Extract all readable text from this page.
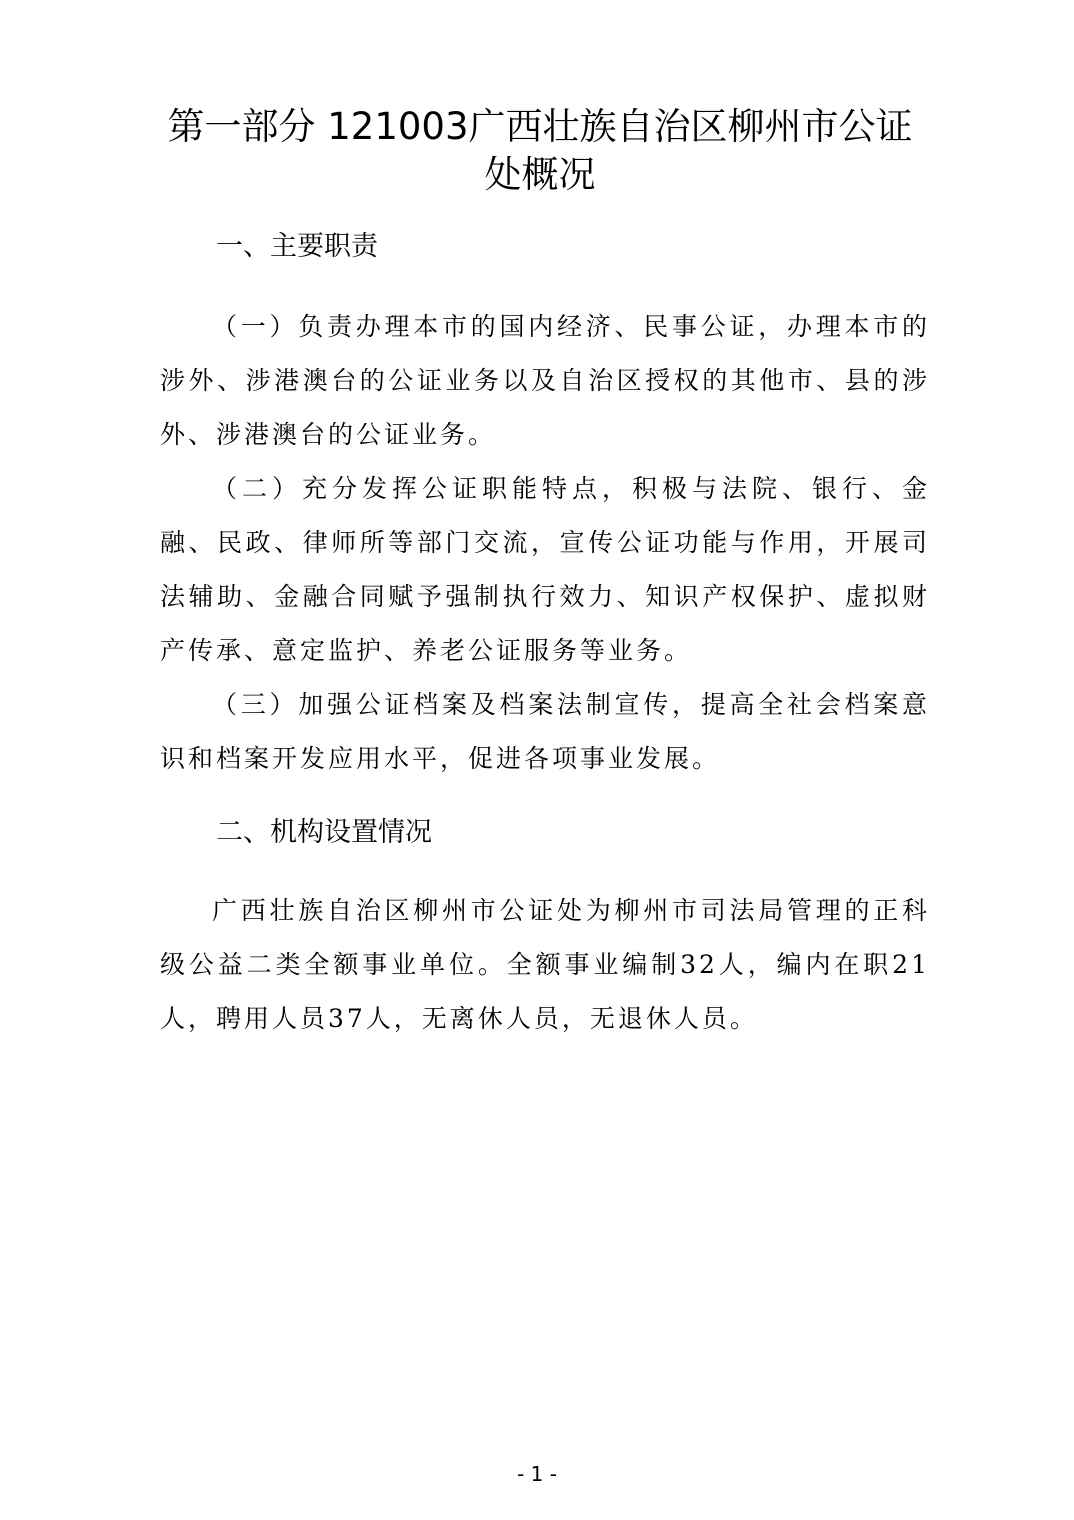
第一部分 121003广西壮族自治区柳州市公证处概况
一、主要职责

（一）负责办理本市的国内经济、民事公证，办理本市的涉外、涉港澳台的公证业务以及自治区授权的其他市、县的涉外、涉港澳台的公证业务。

（二）充分发挥公证职能特点，积极与法院、银行、金融、民政、律师所等部门交流，宣传公证功能与作用，开展司法辅助、金融合同赋予强制执行效力、知识产权保护、虚拟财产传承、意定监护、养老公证服务等业务。

（三）加强公证档案及档案法制宣传，提高全社会档案意识和档案开发应用水平，促进各项事业发展。

二、机构设置情况

广西壮族自治区柳州市公证处为柳州市司法局管理的正科级公益二类全额事业单位。全额事业编制32人，编内在职21人，聘用人员37人，无离休人员，无退休人员。

- 1 -
